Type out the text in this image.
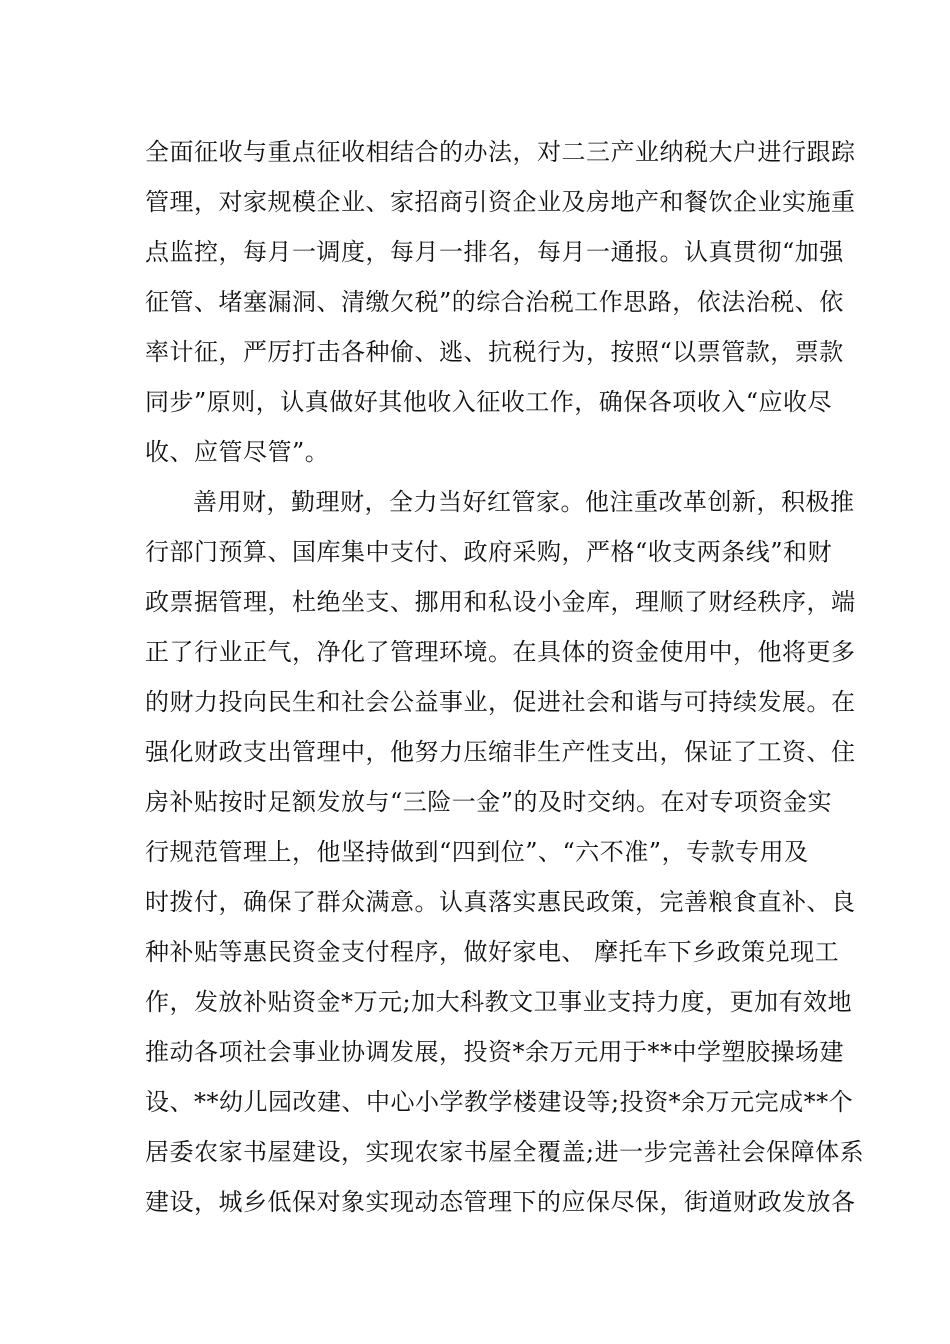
全面征收与重点征收相结合的办法，对二三产业纳税大户进行跟踪
管理，对家规模企业、家招商引资企业及房地产和餐饮企业实施重
点监控，每月一调度，每月一排名，每月一通报。认真贯彻“加强
征管、堵塞漏洞、清缴欠税”的综合治税工作思路，依法治税、依
率计征，严厉打击各种偷、逃、抗税行为，按照“以票管款，票款
同步”原则，认真做好其他收入征收工作，确保各项收入“应收尽
收、应管尽管”。
善用财，勤理财，全力当好红管家。他注重改革创新，积极推
行部门预算、国库集中支付、政府采购，严格“收支两条线”和财
政票据管理，杜绝坐支、挪用和私设小金库，理顺了财经秩序，端
正了行业正气，净化了管理环境。在具体的资金使用中，他将更多
的财力投向民生和社会公益事业，促进社会和谐与可持续发展。在
强化财政支出管理中，他努力压缩非生产性支出，保证了工资、住
房补贴按时足额发放与“三险一金”的及时交纳。在对专项资金实
行规范管理上，他坚持做到“四到位”、“六不准”，专款专用及
时拨付，确保了群众满意。认真落实惠民政策，完善粮食直补、良
种补贴等惠民资金支付程序，做好家电、 摩托车下乡政策兑现工
作，发放补贴资金*万元;加大科教文卫事业支持力度，更加有效地
推动各项社会事业协调发展，投资*余万元用于**中学塑胶操场建
设、**幼儿园改建、中心小学教学楼建设等;投资*余万元完成**个
居委农家书屋建设，实现农家书屋全覆盖;进一步完善社会保障体系
建设，城乡低保对象实现动态管理下的应保尽保，街道财政发放各
